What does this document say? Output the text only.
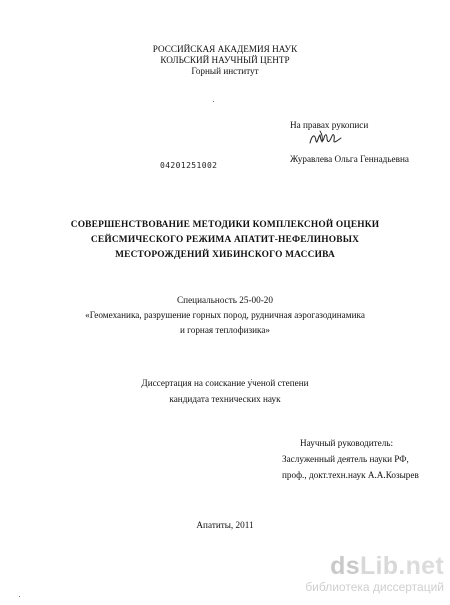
РОССИЙСКАЯ АКАДЕМИЯ НАУК
КОЛЬСКИЙ НАУЧНЫЙ ЦЕНТР
Горный институт
На правах рукописи
04201251002
Журавлева Ольга Геннадьевна
СОВЕРШЕНСТВОВАНИЕ МЕТОДИКИ КОМПЛЕКСНОЙ ОЦЕНКИ
СЕЙСМИЧЕСКОГО РЕЖИМА АПАТИТ-НЕФЕЛИНОВЫХ
МЕСТОРОЖДЕНИЙ ХИБИНСКОГО МАССИВА
Специальность 25-00-20
«Геомеханика, разрушение горных пород, рудничная аэрогазодинамика
и горная теплофизика»
Диссертация на соискание ученой степени
кандидата технических наук
Научный руководитель:
Заслуженный деятель науки РФ,
проф., докт.техн.наук А.А.Козырев
Апатиты, 2011
dsLib.net
библиотека диссертаций
